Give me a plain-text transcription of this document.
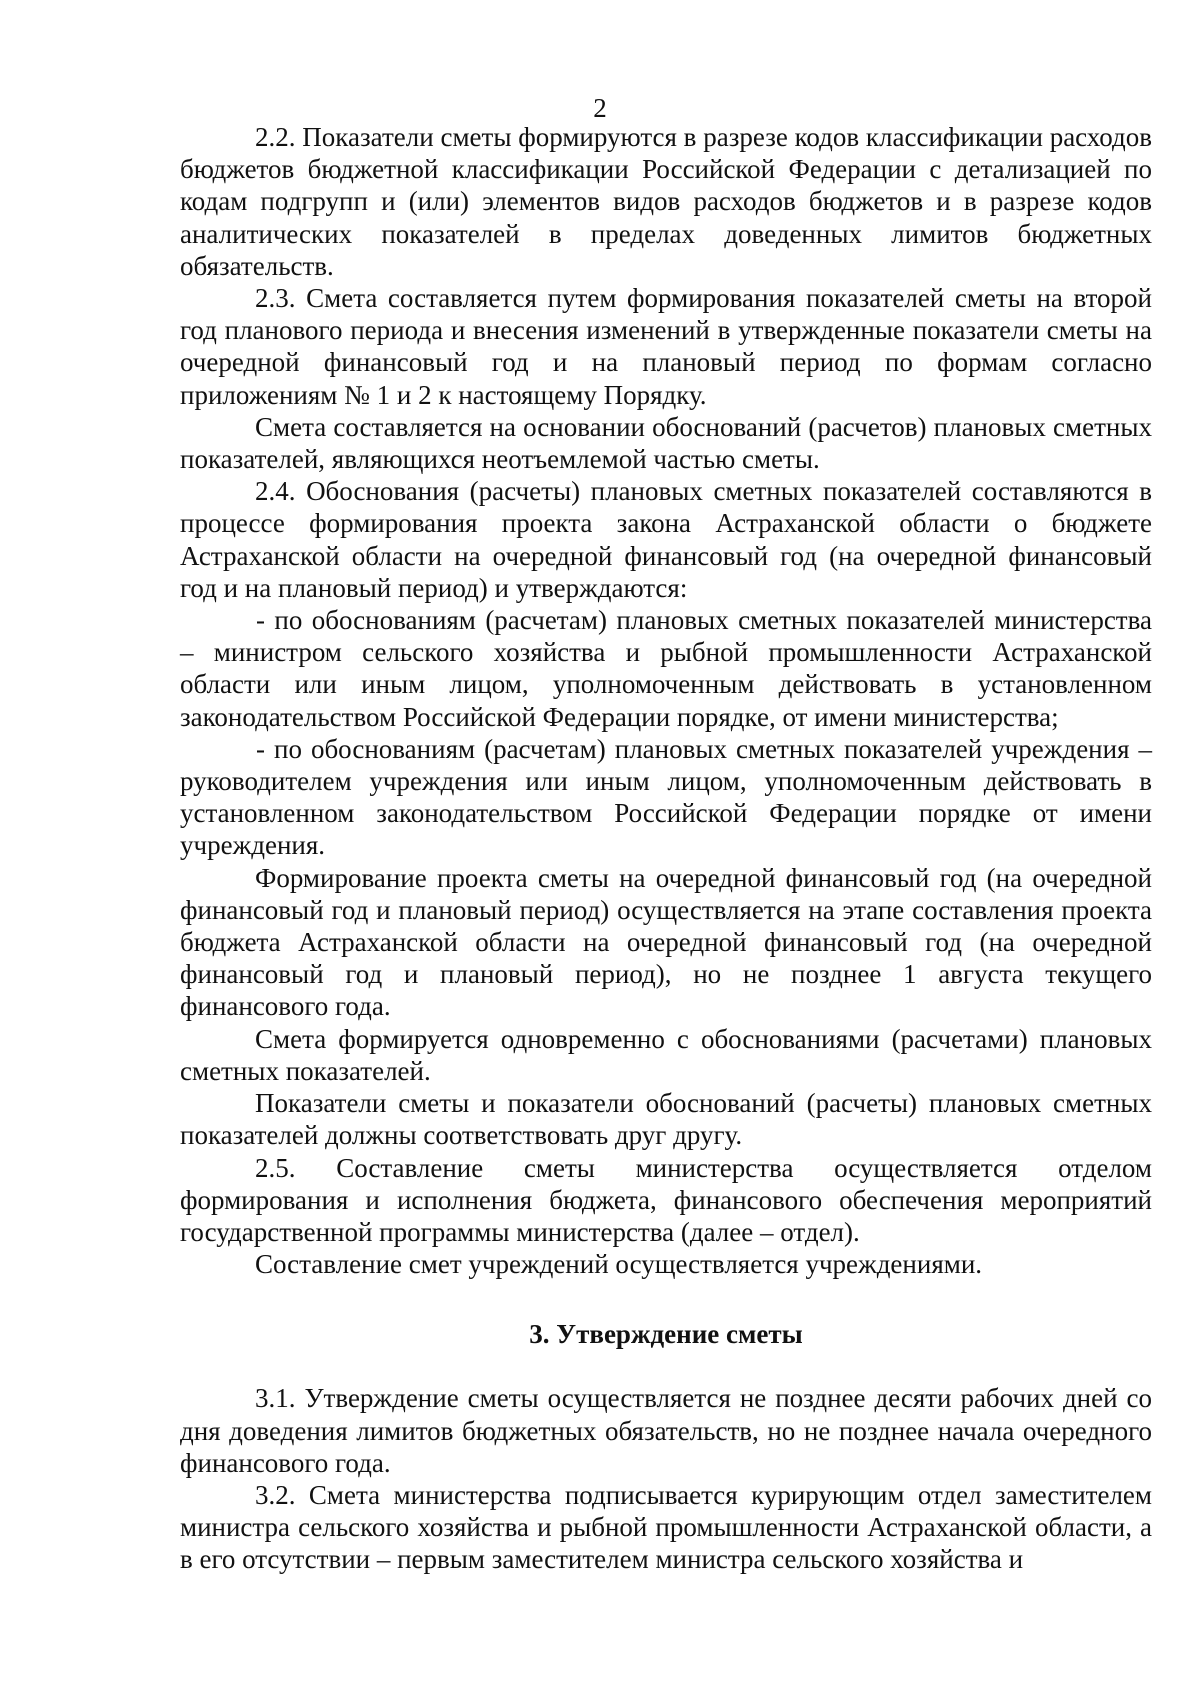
2

2.2. Показатели сметы формируются в разрезе кодов классификации расходов бюджетов бюджетной классификации Российской Федерации с детализацией по кодам подгрупп и (или) элементов видов расходов бюджетов и в разрезе кодов аналитических показателей в пределах доведенных лимитов бюджетных обязательств.

2.3. Смета составляется путем формирования показателей сметы на второй год планового периода и внесения изменений в утвержденные показатели сметы на очередной финансовый год и на плановый период по формам согласно приложениям № 1 и 2 к настоящему Порядку.

Смета составляется на основании обоснований (расчетов) плановых сметных показателей, являющихся неотъемлемой частью сметы.

2.4. Обоснования (расчеты) плановых сметных показателей составляются в процессе формирования проекта закона Астраханской области о бюджете Астраханской области на очередной финансовый год (на очередной финансовый год и на плановый период) и утверждаются:

- по обоснованиям (расчетам) плановых сметных показателей министерства – министром сельского хозяйства и рыбной промышленности Астраханской области или иным лицом, уполномоченным действовать в установленном законодательством Российской Федерации порядке, от имени министерства;

- по обоснованиям (расчетам) плановых сметных показателей учреждения – руководителем учреждения или иным лицом, уполномоченным действовать в установленном законодательством Российской Федерации порядке от имени учреждения.

Формирование проекта сметы на очередной финансовый год (на очередной финансовый год и плановый период) осуществляется на этапе составления проекта бюджета Астраханской области на очередной финансовый год (на очередной финансовый год и плановый период), но не позднее 1 августа текущего финансового года.

Смета формируется одновременно с обоснованиями (расчетами) плановых сметных показателей.

Показатели сметы и показатели обоснований (расчеты) плановых сметных показателей должны соответствовать друг другу.

2.5. Составление сметы министерства осуществляется отделом формирования и исполнения бюджета, финансового обеспечения мероприятий государственной программы министерства (далее – отдел).

Составление смет учреждений осуществляется учреждениями.

3. Утверждение сметы

3.1. Утверждение сметы осуществляется не позднее десяти рабочих дней со дня доведения лимитов бюджетных обязательств, но не позднее начала очередного финансового года.

3.2. Смета министерства подписывается курирующим отдел заместителем министра сельского хозяйства и рыбной промышленности Астраханской области, а в его отсутствии – первым заместителем министра сельского хозяйства и
